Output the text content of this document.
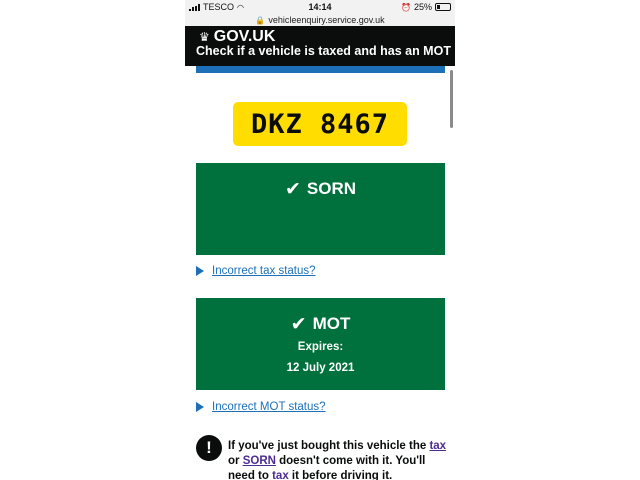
TESCO ◠	14:14	⏰ 25%
🔒 vehicleenquiry.service.gov.uk
♛ GOV.UK
Check if a vehicle is taxed and has an MOT
DKZ 8467
✔ SORN
Incorrect tax status?
✔ MOT
Expires:
12 July 2021
Incorrect MOT status?
!	If you've just bought this vehicle the tax or SORN doesn't come with it. You'll need to tax it before driving it.
